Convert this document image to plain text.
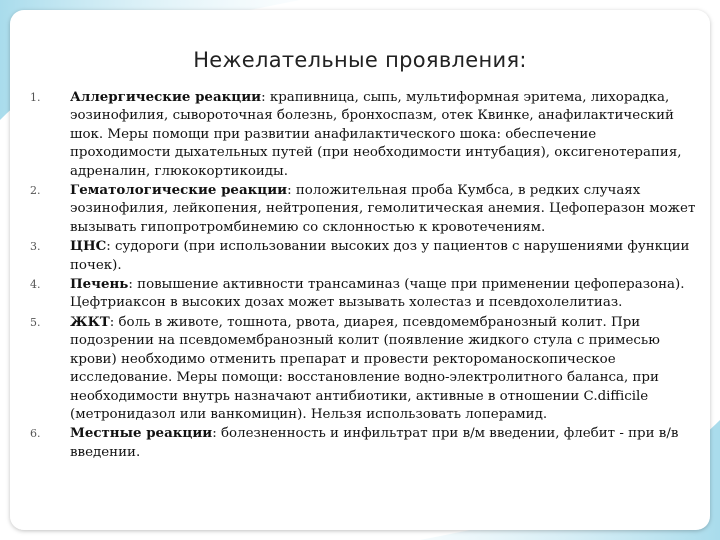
Нежелательные проявления:
1. Аллергические реакции: крапивница, сыпь, мультиформная эритема, лихорадка, эозинофилия, сывороточная болезнь, бронхоспазм, отек Квинке, анафилактический шок. Меры помощи при развитии анафилактического шока: обеспечение проходимости дыхательных путей (при необходимости интубация), оксигенотерапия, адреналин, глюкокортикоиды.
2. Гематологические реакции: положительная проба Кумбса, в редких случаях эозинофилия, лейкопения, нейтропения, гемолитическая анемия. Цефоперазон может вызывать гипопротромбинемию со склонностью к кровотечениям.
3. ЦНС: судороги (при использовании высоких доз у пациентов с нарушениями функции почек).
4. Печень: повышение активности трансаминаз (чаще при применении цефоперазона). Цефтриаксон в высоких дозах может вызывать холестаз и псевдохолелитиаз.
5. ЖКТ: боль в животе, тошнота, рвота, диарея, псевдомембранозный колит. При подозрении на псевдомембранозный колит (появление жидкого стула с примесью крови) необходимо отменить препарат и провести ректороманоскопическое исследование. Меры помощи: восстановление водно-электролитного баланса, при необходимости внутрь назначают антибиотики, активные в отношении C.difficile (метронидазол или ванкомицин). Нельзя использовать лоперамид.
6. Местные реакции: болезненность и инфильтрат при в/м введении, флебит - при в/в введении.
